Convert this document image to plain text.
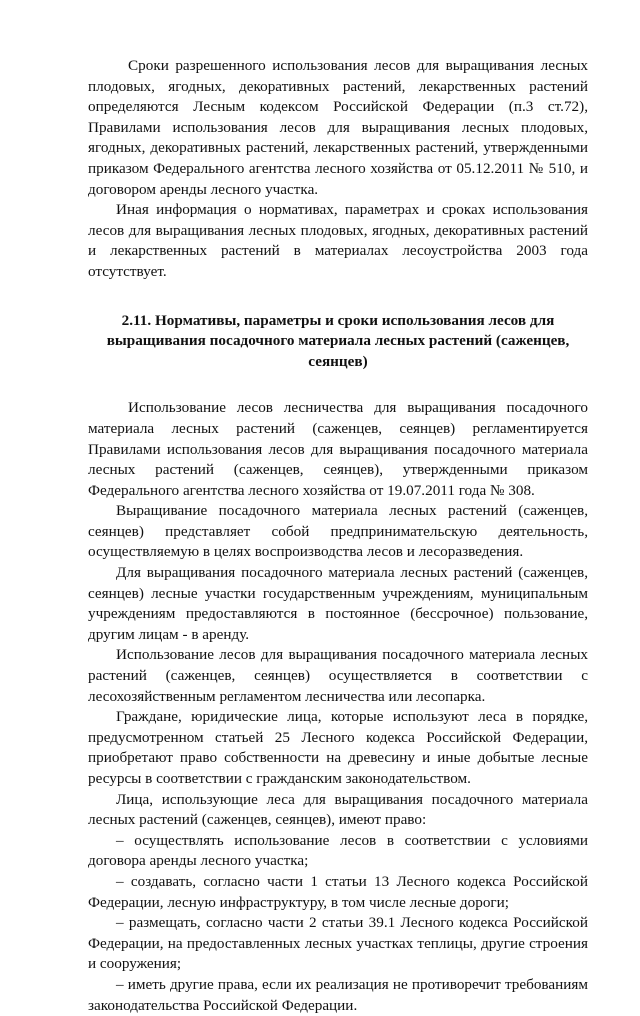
Сроки разрешенного использования лесов для выращивания лесных плодовых, ягодных, декоративных растений, лекарственных растений определяются Лесным кодексом Российской Федерации (п.3 ст.72), Правилами использования лесов для выращивания лесных плодовых, ягодных, декоративных растений, лекарственных растений, утвержденными приказом Федерального агентства лесного хозяйства от 05.12.2011 № 510, и договором аренды лесного участка.

Иная информация о нормативах, параметрах и сроках использования лесов для выращивания лесных плодовых, ягодных, декоративных растений и лекарственных растений в материалах лесоустройства 2003 года отсутствует.

2.11. Нормативы, параметры и сроки использования лесов для выращивания посадочного материала лесных растений (саженцев, сеянцев)

Использование лесов лесничества для выращивания посадочного материала лесных растений (саженцев, сеянцев) регламентируется Правилами использования лесов для выращивания посадочного материала лесных растений (саженцев, сеянцев), утвержденными приказом Федерального агентства лесного хозяйства от 19.07.2011 года № 308.

Выращивание посадочного материала лесных растений (саженцев, сеянцев) представляет собой предпринимательскую деятельность, осуществляемую в целях воспроизводства лесов и лесоразведения.

Для выращивания посадочного материала лесных растений (саженцев, сеянцев) лесные участки государственным учреждениям, муниципальным учреждениям предоставляются в постоянное (бессрочное) пользование, другим лицам - в аренду.

Использование лесов для выращивания посадочного материала лесных растений (саженцев, сеянцев) осуществляется в соответствии с лесохозяйственным регламентом лесничества или лесопарка.

Граждане, юридические лица, которые используют леса в порядке, предусмотренном статьей 25 Лесного кодекса Российской Федерации, приобретают право собственности на древесину и иные добытые лесные ресурсы в соответствии с гражданским законодательством.

Лица, использующие леса для выращивания посадочного материала лесных растений (саженцев, сеянцев), имеют право:

– осуществлять использование лесов в соответствии с условиями договора аренды лесного участка;

– создавать, согласно части 1 статьи 13 Лесного кодекса Российской Федерации, лесную инфраструктуру, в том числе лесные дороги;

– размещать, согласно части 2 статьи 39.1 Лесного кодекса Российской Федерации, на предоставленных лесных участках теплицы, другие строения и сооружения;

– иметь другие права, если их реализация не противоречит требованиям законодательства Российской Федерации.
